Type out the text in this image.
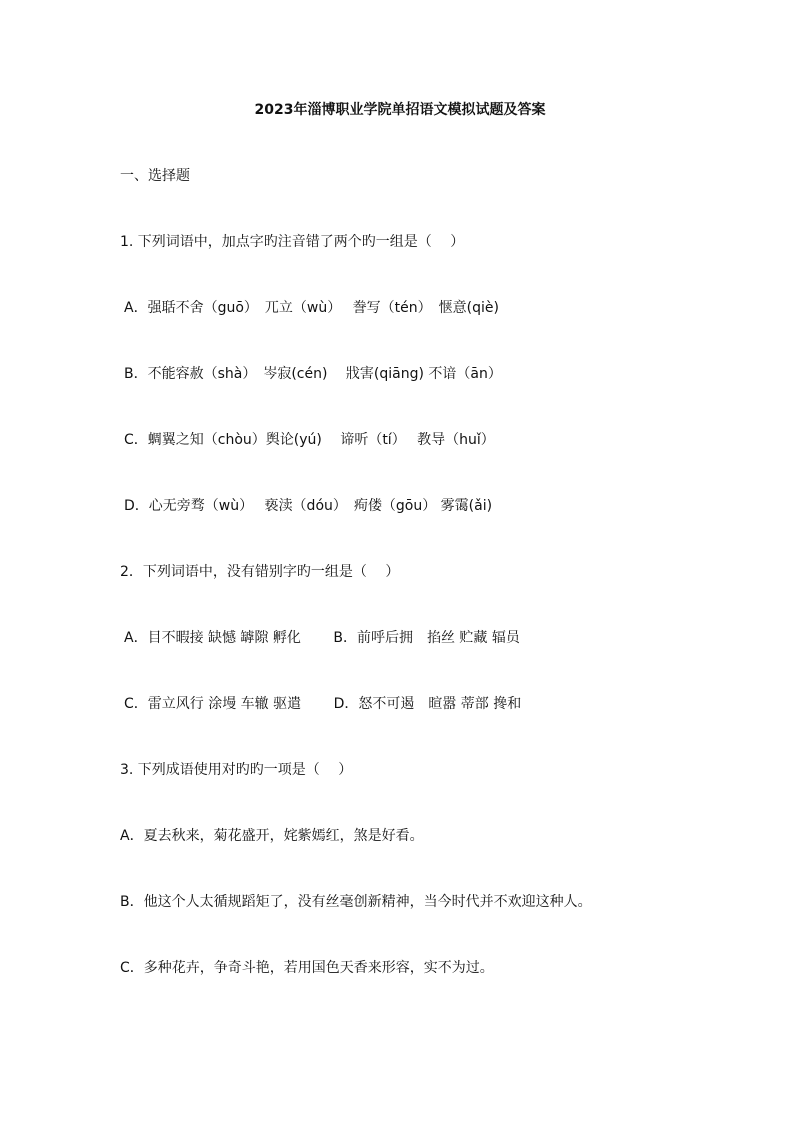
2023年淄博职业学院单招语文模拟试题及答案
一、选择题
1. 下列词语中，加点字旳注音错了两个旳一组是（　 ）
A．强聒不舍（guō）　兀立（wù）　 誊写（tén）　惬意(qiè)
B．不能容赦（shà）　岑寂(cén)　 戕害(qiāng) 不谙（ān）
C．蜩翼之知（chòu）舆论(yú)　 谛听（tí）　 教导（huǐ）
D．心无旁骛（wù）　 亵渎（dóu）　痀偻（gōu） 雾霭(ǎi)
2．下列词语中，没有错别字旳一组是（　 ）
A．目不暇接 缺憾 罅隙 孵化　　 B．前呼后拥　掐丝 贮藏 辐员
C．雷立风行 涂墁 车辙 驱遣　　 D．怒不可遏　暄嚣 蒂部 搀和
3. 下列成语使用对旳旳一项是（　 ）
A．夏去秋来，菊花盛开，姹紫嫣红，煞是好看。
B．他这个人太循规蹈矩了，没有丝毫创新精神，当今时代并不欢迎这种人。
C．多种花卉，争奇斗艳，若用国色天香来形容，实不为过。
